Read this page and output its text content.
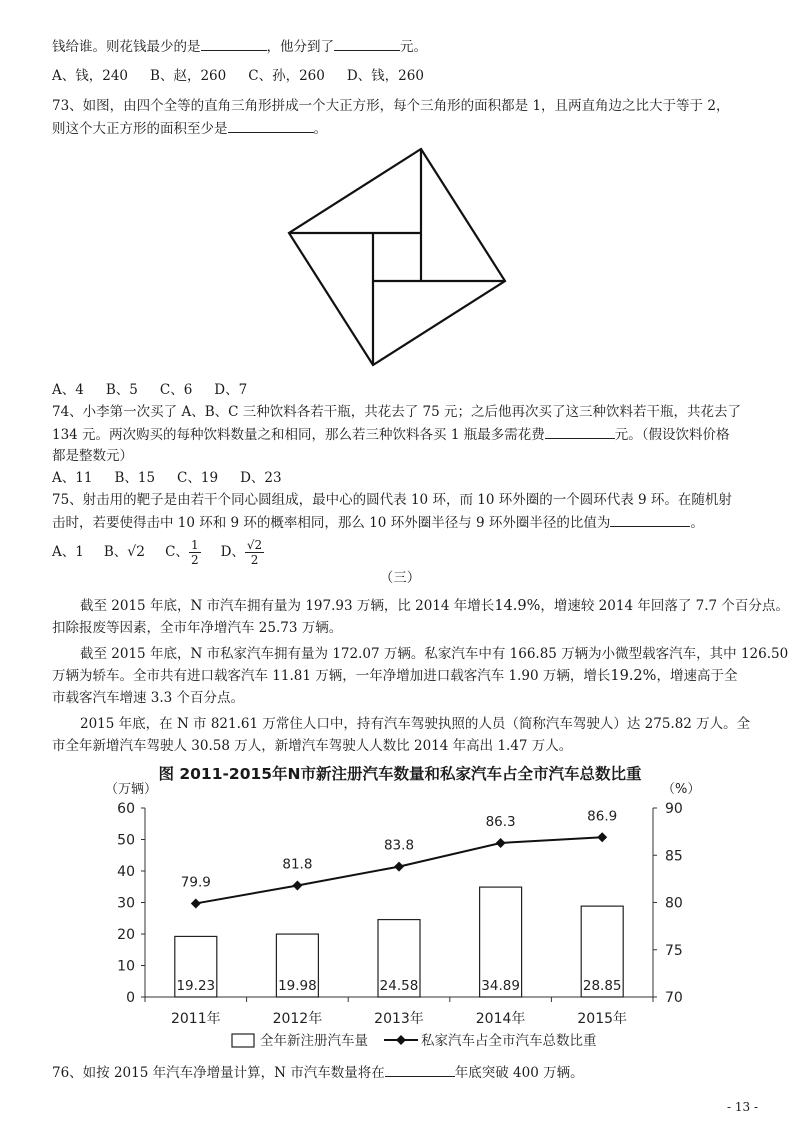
钱给谁。则花钱最少的是	，他分到了	元。
A、钱，240 B、赵，260 C、孙，260 D、钱，260
73、如图，由四个全等的直角三角形拼成一个大正方形，每个三角形的面积都是 1，且两直角边之比大于等于 2，
则这个大正方形的面积至少是	。
A、4 B、5 C、6 D、7
74、小李第一次买了 A、B、C 三种饮料各若干瓶，共花去了 75 元；之后他再次买了这三种饮料若干瓶，共花去了
134 元。两次购买的每种饮料数量之和相同，那么若三种饮料各买 1 瓶最多需花费	元。（假设饮料价格
都是整数元）
A、11 B、15 C、19 D、23
75、射击用的靶子是由若干个同心圆组成，最中心的圆代表 10 环，而 10 环外圈的一个圆环代表 9 环。在随机射
击时，若要使得击中 10 环和 9 环的概率相同，那么 10 环外圈半径与 9 环外圈半径的比值为	。
A、1 B、√2 C、 $\frac{1}{2}$ D、 $\frac{√2}{2}$
（三）
截至 2015 年底，N 市汽车拥有量为 197.93 万辆，比 2014 年增长14.9%，增速较 2014 年回落了 7.7 个百分点。
扣除报废等因素，全市年净增汽车 25.73 万辆。
截至 2015 年底，N 市私家汽车拥有量为 172.07 万辆。私家汽车中有 166.85 万辆为小微型载客汽车，其中 126.50
万辆为轿车。全市共有进口载客汽车 11.81 万辆，一年净增加进口载客汽车 1.90 万辆，增长19.2%，增速高于全
市载客汽车增速 3.3 个百分点。
2015 年底，在 N 市 821.61 万常住人口中，持有汽车驾驶执照的人员（简称汽车驾驶人）达 275.82 万人。全
市全年新增汽车驾驶人 30.58 万人，新增汽车驾驶人人数比 2014 年高出 1.47 万人。
图 2011-2015年N市新注册汽车数量和私家汽车占全市汽车总数比重
（万辆）	（%）
0
10
20
30
40
50
60
70
75
80
85
90
2011年	2012年	2013年	2014年	2015年
19.23	19.98	24.58	34.89	28.85
79.9
81.8
83.8
86.3	86.9
全年新注册汽车量	私家汽车占全市汽车总数比重
76、如按 2015 年汽车净增量计算，N 市汽车数量将在	年底突破 400 万辆。
- 13 -
